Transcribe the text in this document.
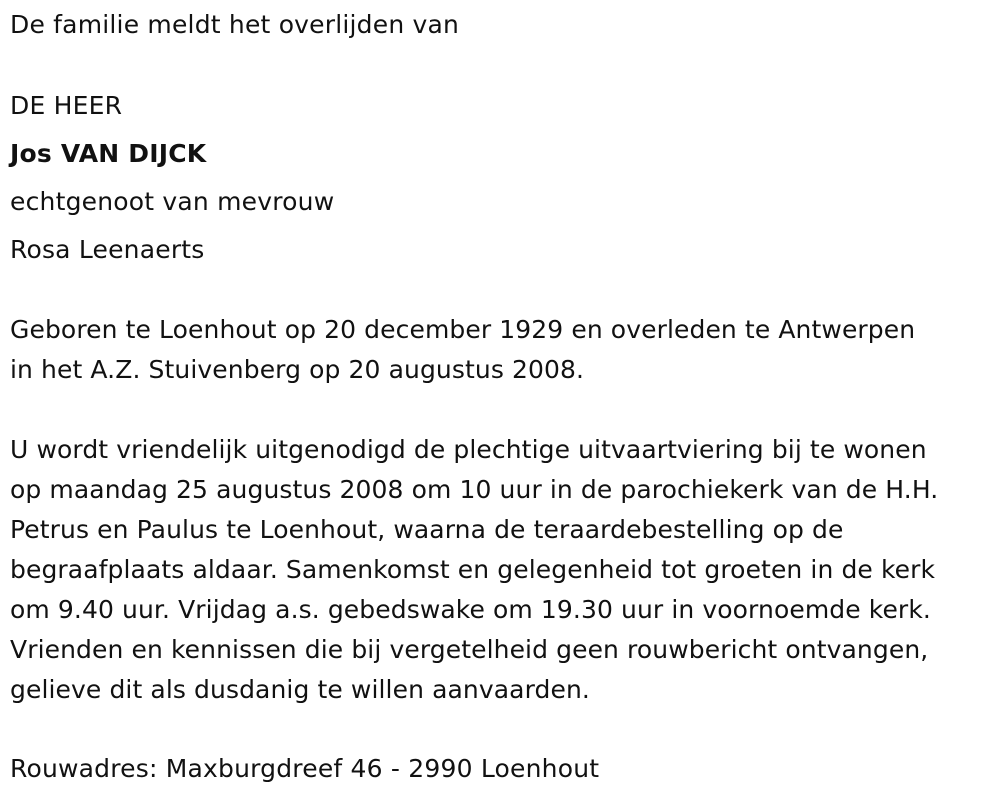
De familie meldt het overlijden van
DE HEER
Jos VAN DIJCK
echtgenoot van mevrouw
Rosa Leenaerts
Geboren te Loenhout op 20 december 1929 en overleden te Antwerpen
in het A.Z. Stuivenberg op 20 augustus 2008.
U wordt vriendelijk uitgenodigd de plechtige uitvaartviering bij te wonen
op maandag 25 augustus 2008 om 10 uur in de parochiekerk van de H.H.
Petrus en Paulus te Loenhout, waarna de teraardebestelling op de
begraafplaats aldaar. Samenkomst en gelegenheid tot groeten in de kerk
om 9.40 uur. Vrijdag a.s. gebedswake om 19.30 uur in voornoemde kerk.
Vrienden en kennissen die bij vergetelheid geen rouwbericht ontvangen,
gelieve dit als dusdanig te willen aanvaarden.
Rouwadres: Maxburgdreef 46 - 2990 Loenhout
